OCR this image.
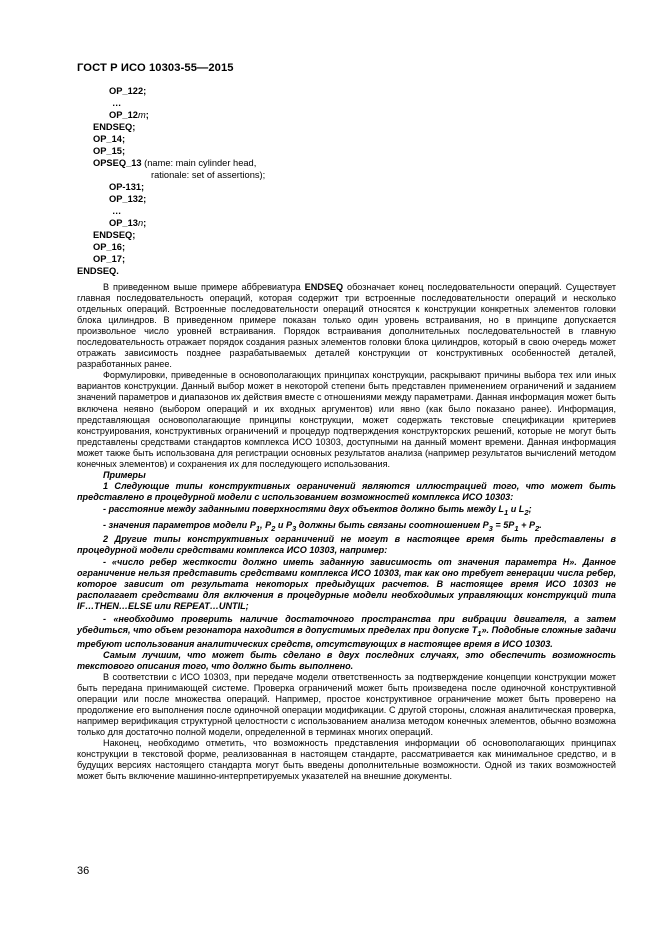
ГОСТ Р ИСО 10303-55—2015
OP_122;
…
OP_12m;
ENDSEQ;
OP_14;
OP_15;
OPSEQ_13 (name: main cylinder head,
rationale: set of assertions);
OP-131;
OP_132;
…
OP_13n;
ENDSEQ;
OP_16;
OP_17;
ENDSEQ.

В приведенном выше примере аббревиатура ENDSEQ обозначает конец последовательности операций. Существует главная последовательность операций, которая содержит три встроенные последовательности операций и несколько отдельных операций. Встроенные последовательности операций относятся к конструкции конкретных элементов головки блока цилиндров. В приведенном примере показан только один уровень встраивания, но в принципе допускается произвольное число уровней встраивания. Порядок встраивания дополнительных последовательностей в главную последовательность отражает порядок создания разных элементов головки блока цилиндров, который в свою очередь может отражать зависимость позднее разрабатываемых деталей конструкции от конструктивных особенностей деталей, разработанных ранее.

Формулировки, приведенные в основополагающих принципах конструкции, раскрывают причины выбора тех или иных вариантов конструкции. Данный выбор может в некоторой степени быть представлен применением ограничений и заданием значений параметров и диапазонов их действия вместе с отношениями между параметрами. Данная информация может быть включена неявно (выбором операций и их входных аргументов) или явно (как было показано ранее). Информация, представляющая основополагающие принципы конструкции, может содержать текстовые спецификации критериев конструирования, конструктивных ограничений и процедур подтверждения конструкторских решений, которые не могут быть представлены средствами стандартов комплекса ИСО 10303, доступными на данный момент времени. Данная информация может также быть использована для регистрации основных результатов анализа (например результатов вычислений методом конечных элементов) и сохранения их для последующего использования.

Примеры

1 Следующие типы конструктивных ограничений являются иллюстрацией того, что может быть представлено в процедурной модели с использованием возможностей комплекса ИСО 10303:

- расстояние между заданными поверхностями двух объектов должно быть между $L_1$ и $L_2$;

- значения параметров модели $P_1$, $P_2$ и $P_3$ должны быть связаны соотношением $P_3 = 5P_1 + P_2$.

2 Другие типы конструктивных ограничений не могут в настоящее время быть представлены в процедурной модели средствами комплекса ИСО 10303, например:

- «число ребер жесткости должно иметь заданную зависимость от значения параметра H». Данное ограничение нельзя представить средствами комплекса ИСО 10303, так как оно требует генерации числа ребер, которое зависит от результата некоторых предыдущих расчетов. В настоящее время ИСО 10303 не располагает средствами для включения в процедурные модели необходимых управляющих конструкций типа IF…THEN…ELSE или REPEAT…UNTIL;

- «необходимо проверить наличие достаточного пространства при вибрации двигателя, а затем убедиться, что объем резонатора находится в допустимых пределах при допуске $T_1$». Подобные сложные задачи требуют использования аналитических средств, отсутствующих в настоящее время в ИСО 10303.

Самым лучшим, что может быть сделано в двух последних случаях, это обеспечить возможность текстового описания того, что должно быть выполнено.

В соответствии с ИСО 10303, при передаче модели ответственность за подтверждение концепции конструкции может быть передана принимающей системе. Проверка ограничений может быть произведена после одиночной конструктивной операции или после множества операций. Например, простое конструктивное ограничение может быть проверено на продолжение его выполнения после одиночной операции модификации. С другой стороны, сложная аналитическая проверка, например верификация структурной целостности с использованием анализа методом конечных элементов, обычно возможна только для достаточно полной модели, определенной в терминах многих операций.

Наконец, необходимо отметить, что возможность представления информации об основополагающих принципах конструкции в текстовой форме, реализованная в настоящем стандарте, рассматривается как минимальное средство, и в будущих версиях настоящего стандарта могут быть введены дополнительные возможности. Одной из таких возможностей может быть включение машинно-интерпретируемых указателей на внешние документы.

36
